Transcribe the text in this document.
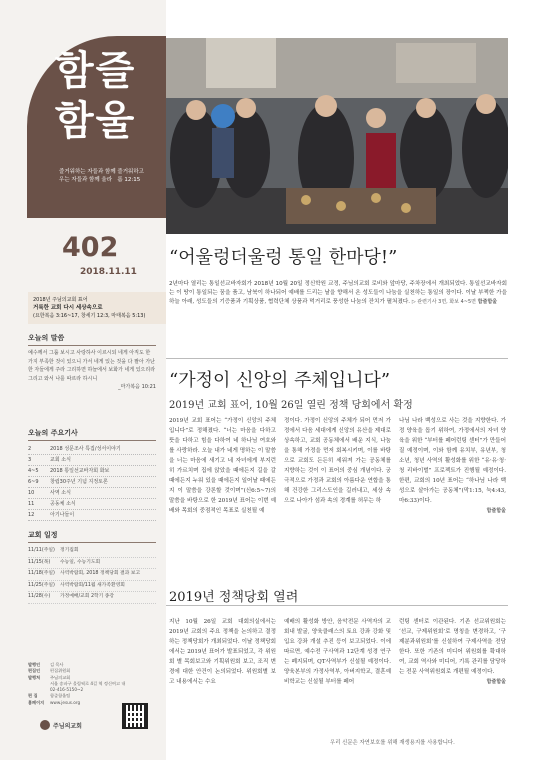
함즐
함울
즐거워하는 자들과 함께 즐거워하고
우는 자들과 함께 울라 롬 12:15
402
2018.11.11
2018년 주님의교회 표어
거룩한 교회 다시 세상속으로
(요한복음 3:16~17, 창세기 12:3, 마태복음 5:13)
오늘의 말씀

예수께서 그룹 보시고 사랑하사 이르시되 네게 아직도 한 가지 부족한 것이 있으니 가서 네게 있는 것을 다 팔아 가난한 자들에게 주라 그리하면 하늘에서 보화가 네게 있으리라 그리고 와서 나를 따르라 하시니

_마가복음 10:21
오늘의 주요기사
2	2018 성문조사 특집/성서이야기
3	교회 소식
4~5	2018 통일선교바자회 화보
6~9	창립30주년 기념 지정토론
10	사역 소식
11	공동체 소식
12	아기나들이
교회 일정
11/11(주일)	정기집회
11/15(목)	수능일, 수능기도회
11/18(주일)	사역박람회, 2018 정책당회 결과 보고
11/25(주일)	사역박람회/11월 새가족환영회
11/28(수)	가정예배/교회 2학기 종강
발행인	김 목사
편집인	편집위원회
발행처	주님의교회
서울 송파구 올림픽로 4길 역 정신여고 내
02-416-5150~2
편 집	함즐함울팀
홈페이지	www.jesus.org
주님의교회
“어울렁더울렁 통일 한마당!”
2년마다 열리는 통일선교바자회가 2018년 10월 20일 정신학원 교정, 주님의교회 로비와 앞마당, 주차장에서 개최되었다. 통일선교바자회는 이 땅이 통일되는 꿈을 품고, 남북이 하나되어 예배를 드리는 날을 향해서 온 성도들이 나눔을 실천하는 통일의 장이다. 이날 부쩍한 가을 하늘 아래, 성도들의 기증품과 기획상품, 협력단체 상품과 먹거리로 풍성한 나눔의 잔치가 펼쳐졌다. ▷ 관련기사 3면, 화보 4~5면 함즐함울
“가정이 신앙의 주체입니다”
2019년 교회 표어, 10월 26일 열린 정책 당회에서 확정
2019년 교회 표어는 “가정이 신앙의 주체입니다”로 정해졌다. “너는 마음을 다하고 뜻을 다하고 힘을 다하여 네 하나님 여호와를 사랑하라. 오늘 내가 네게 명하는 이 말씀을 너는 마음에 새기고 네 자녀에게 부지런히 가르치며 집에 앉았을 때에든지 길을 갈 때에든지 누워 있을 때에든지 일어날 때에든지 이 말씀을 강론할 것이며”(신6:5~7)의 말씀을 바탕으로 한 2019년 표어는 이번 예배와 목회의 중점적인 목표로 실천될 예
정이다. 가정이 신앙의 주체가 되어 먼저 가정에서 다음 세대에게 신앙의 유산을 제대로 상속하고, 교회 공동체에서 배운 지식, 나눔을 통해 가정을 먼저 회복시키며, 이를 바탕으로 교회도 든든히 세워져 가는 공동체를 지향하는 것이 이 표어의 중심 개념이다. 궁극적으로 가정과 교회의 아름다운 연합을 통해 건강한 그리스도인을 길러내고, 세상 속으로 나아가 섬과 속의 경계를 허무는 하
나님 나라 백성으로 사는 것을 지향한다. 가정 양육을 돕기 위하여, 가정에서의 자녀 양육을 위한 “부터를 페어런팅 센터”가 만들어질 예정이며, 이와 함께 유치부, 유년부, 청소년, 청년 사역의 활성화를 위한 “유·유·청·청 리바이벌” 프로젝트가 진행될 예정이다. 한편, 교회의 10년 표어는 “하나님 나라 백성으로 살아가는 공동체”(막1:15, 눅4:43, 마6:33)이다.
함즐함울
2019년 정책당회 열려
지난 10월 26일 교회 대회의실에서는 2019년 교회의 주요 정책을 논의하고 결정하는 정책당회가 개최되었다. 이날 정책당회에서는 2019년 표어가 발표되었고, 각 위원회 별 목회보고와 기획위원회 보고, 조직 변경에 대한 안건이 논의되었다. 위원회별 보고 내용에서는 수요
예배의 활성화 방안, 음악전문 사역자의 교회내 발굴, 양육클래스의 토요 강좌 강화 및 입요 강좌 개설 추진 등이 보고되었다. 이에 따르면, 예수전 구사역과 12단계 성경 연구는 폐지되며, QT사역부가 신설될 예정이다. 양육본부의 가정사역부, 아버지학교, 결혼예비학교는 신설될 부터를 페어
런팅 센터로 이관된다. 기존 선교위원회는 ‘선교, 구제위원회’로 명칭을 변경하고, ‘구제분과위원회’를 신설하여 구제사역을 전담한다. 또한 기존의 미디어 위원회를 확대하여, 교회 역사와 미디어, 기록 관리를 담당하는 전문 사역위원회로 개편될 예정이다.
함즐함울
우리 신문은 자연보호를 위해 재생용지를 사용합니다.
